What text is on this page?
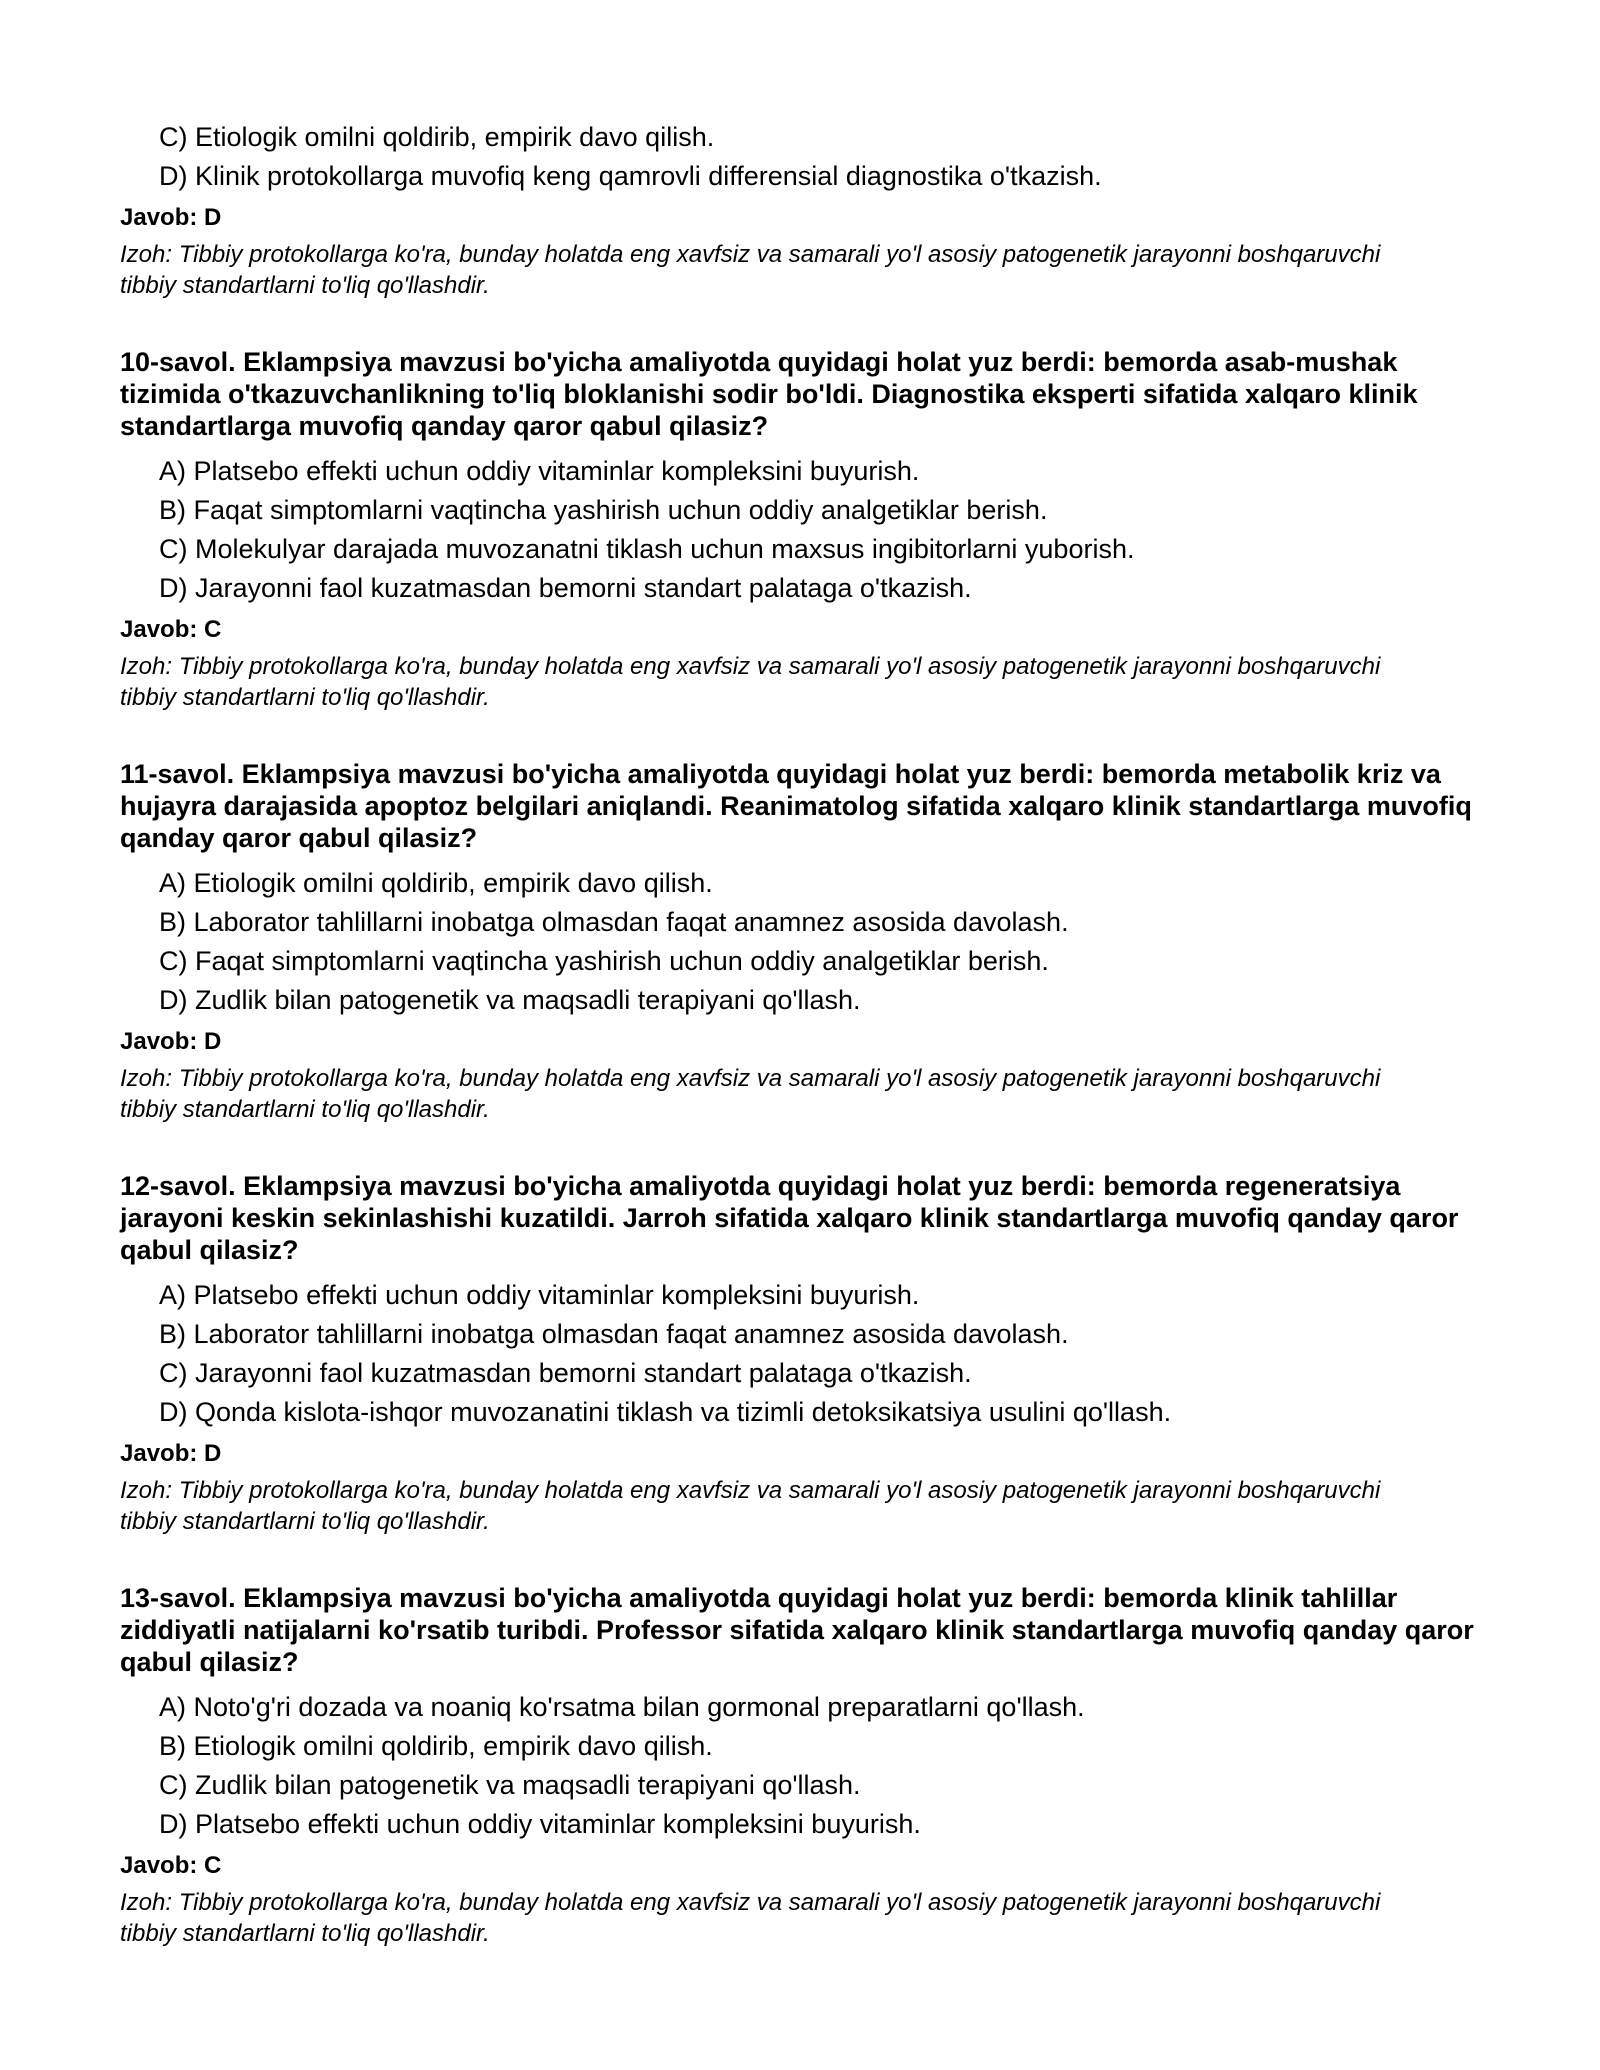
C) Etiologik omilni qoldirib, empirik davo qilish.

D) Klinik protokollarga muvofiq keng qamrovli differensial diagnostika o'tkazish.

Javob: D

Izoh: Tibbiy protokollarga ko'ra, bunday holatda eng xavfsiz va samarali yo'l asosiy patogenetik jarayonni boshqaruvchi tibbiy standartlarni to'liq qo'llashdir.

10-savol. Eklampsiya mavzusi bo'yicha amaliyotda quyidagi holat yuz berdi: bemorda asab-mushak tizimida o'tkazuvchanlikning to'liq bloklanishi sodir bo'ldi. Diagnostika eksperti sifatida xalqaro klinik standartlarga muvofiq qanday qaror qabul qilasiz?

A) Platsebo effekti uchun oddiy vitaminlar kompleksini buyurish.

B) Faqat simptomlarni vaqtincha yashirish uchun oddiy analgetiklar berish.

C) Molekulyar darajada muvozanatni tiklash uchun maxsus ingibitorlarni yuborish.

D) Jarayonni faol kuzatmasdan bemorni standart palataga o'tkazish.

Javob: C

Izoh: Tibbiy protokollarga ko'ra, bunday holatda eng xavfsiz va samarali yo'l asosiy patogenetik jarayonni boshqaruvchi tibbiy standartlarni to'liq qo'llashdir.

11-savol. Eklampsiya mavzusi bo'yicha amaliyotda quyidagi holat yuz berdi: bemorda metabolik kriz va hujayra darajasida apoptoz belgilari aniqlandi. Reanimatolog sifatida xalqaro klinik standartlarga muvofiq qanday qaror qabul qilasiz?

A) Etiologik omilni qoldirib, empirik davo qilish.

B) Laborator tahlillarni inobatga olmasdan faqat anamnez asosida davolash.

C) Faqat simptomlarni vaqtincha yashirish uchun oddiy analgetiklar berish.

D) Zudlik bilan patogenetik va maqsadli terapiyani qo'llash.

Javob: D

Izoh: Tibbiy protokollarga ko'ra, bunday holatda eng xavfsiz va samarali yo'l asosiy patogenetik jarayonni boshqaruvchi tibbiy standartlarni to'liq qo'llashdir.

12-savol. Eklampsiya mavzusi bo'yicha amaliyotda quyidagi holat yuz berdi: bemorda regeneratsiya jarayoni keskin sekinlashishi kuzatildi. Jarroh sifatida xalqaro klinik standartlarga muvofiq qanday qaror qabul qilasiz?

A) Platsebo effekti uchun oddiy vitaminlar kompleksini buyurish.

B) Laborator tahlillarni inobatga olmasdan faqat anamnez asosida davolash.

C) Jarayonni faol kuzatmasdan bemorni standart palataga o'tkazish.

D) Qonda kislota-ishqor muvozanatini tiklash va tizimli detoksikatsiya usulini qo'llash.

Javob: D

Izoh: Tibbiy protokollarga ko'ra, bunday holatda eng xavfsiz va samarali yo'l asosiy patogenetik jarayonni boshqaruvchi tibbiy standartlarni to'liq qo'llashdir.

13-savol. Eklampsiya mavzusi bo'yicha amaliyotda quyidagi holat yuz berdi: bemorda klinik tahlillar ziddiyatli natijalarni ko'rsatib turibdi. Professor sifatida xalqaro klinik standartlarga muvofiq qanday qaror qabul qilasiz?

A) Noto'g'ri dozada va noaniq ko'rsatma bilan gormonal preparatlarni qo'llash.

B) Etiologik omilni qoldirib, empirik davo qilish.

C) Zudlik bilan patogenetik va maqsadli terapiyani qo'llash.

D) Platsebo effekti uchun oddiy vitaminlar kompleksini buyurish.

Javob: C

Izoh: Tibbiy protokollarga ko'ra, bunday holatda eng xavfsiz va samarali yo'l asosiy patogenetik jarayonni boshqaruvchi tibbiy standartlarni to'liq qo'llashdir.
